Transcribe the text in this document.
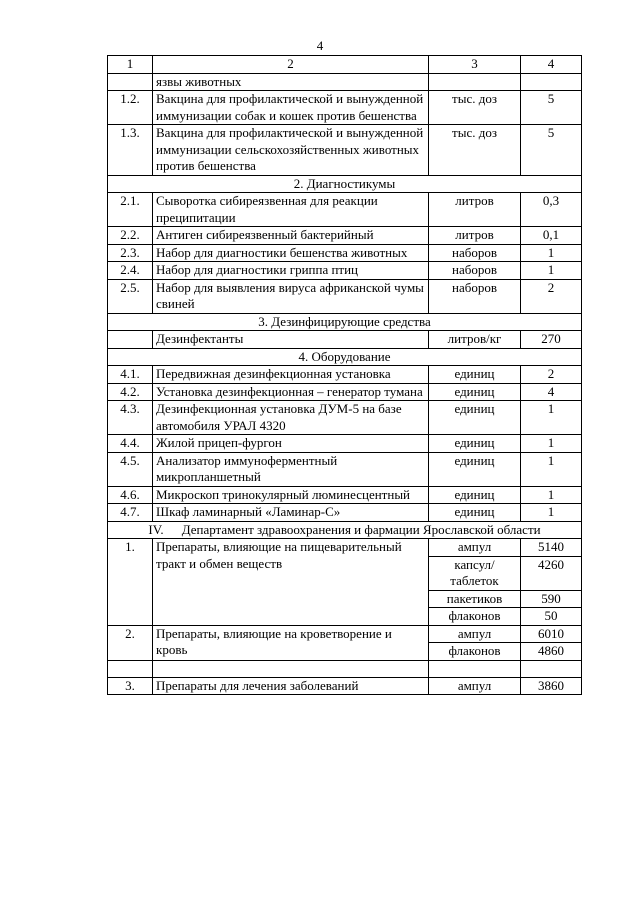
4
1	2	3	4
	язвы животных		
1.2.	Вакцина для профилактической и вынужденной иммунизации собак и кошек против бешенства	тыс. доз	5
1.3.	Вакцина для профилактической и вынужденной иммунизации сельскохозяйственных животных против бешенства	тыс. доз	5
2. Диагностикумы			
2.1.	Сыворотка сибиреязвенная для реакции преципитации	литров	0,3
2.2.	Антиген сибиреязвенный бактерийный	литров	0,1
2.3.	Набор для диагностики бешенства животных	наборов	1
2.4.	Набор для диагностики гриппа птиц	наборов	1
2.5.	Набор для выявления вируса африканской чумы свиней	наборов	2
3. Дезинфицирующие средства			
	Дезинфектанты	литров/кг	270
4. Оборудование			
4.1.	Передвижная дезинфекционная установка	единиц	2
4.2.	Установка дезинфекционная – генератор тумана	единиц	4
4.3.	Дезинфекционная установка ДУМ-5 на базе автомобиля УРАЛ 4320	единиц	1
4.4.	Жилой прицеп-фургон	единиц	1
4.5.	Анализатор иммуноферментный микропланшетный	единиц	1
4.6.	Микроскоп тринокулярный люминесцентный	единиц	1
4.7.	Шкаф ламинарный «Ламинар-С»	единиц	1
IV. Департамент здравоохранения и фармации Ярославской области			
1.	Препараты, влияющие на пищеварительный тракт и обмен веществ	ампул	5140
		капсул/ таблеток	4260
		пакетиков	590
		флаконов	50
2.	Препараты, влияющие на кроветворение и кровь	ампул	6010
		флаконов	4860

3.	Препараты для лечения заболеваний	ампул	3860
